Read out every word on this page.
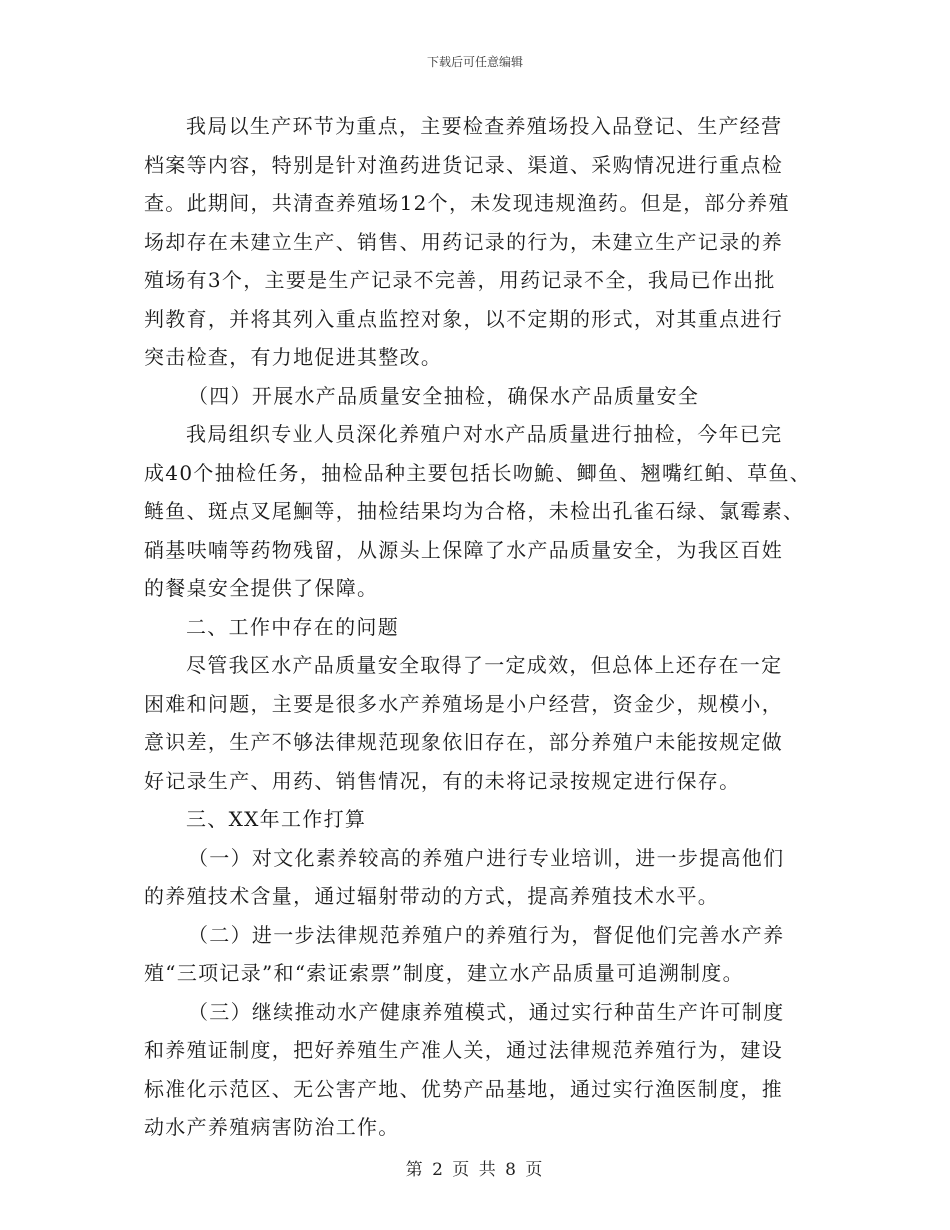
下载后可任意编辑
我局以生产环节为重点，主要检查养殖场投入品登记、生产经营
档案等内容，特别是针对渔药进货记录、渠道、采购情况进行重点检
查。此期间，共清查养殖场12个，未发现违规渔药。但是，部分养殖
场却存在未建立生产、销售、用药记录的行为，未建立生产记录的养
殖场有3个，主要是生产记录不完善，用药记录不全，我局已作出批
判教育，并将其列入重点监控对象，以不定期的形式，对其重点进行
突击检查，有力地促进其整改。
（四）开展水产品质量安全抽检，确保水产品质量安全
我局组织专业人员深化养殖户对水产品质量进行抽检，今年已完
成40个抽检任务，抽检品种主要包括长吻鮠、鲫鱼、翘嘴红鲌、草鱼、
鲢鱼、斑点叉尾鮰等，抽检结果均为合格，未检出孔雀石绿、氯霉素、
硝基呋喃等药物残留，从源头上保障了水产品质量安全，为我区百姓
的餐桌安全提供了保障。
二、工作中存在的问题
尽管我区水产品质量安全取得了一定成效，但总体上还存在一定
困难和问题，主要是很多水产养殖场是小户经营，资金少，规模小，
意识差，生产不够法律规范现象依旧存在，部分养殖户未能按规定做
好记录生产、用药、销售情况，有的未将记录按规定进行保存。
三、XX年工作打算
（一）对文化素养较高的养殖户进行专业培训，进一步提高他们
的养殖技术含量，通过辐射带动的方式，提高养殖技术水平。
（二）进一步法律规范养殖户的养殖行为，督促他们完善水产养
殖“三项记录”和“索证索票”制度，建立水产品质量可追溯制度。
（三）继续推动水产健康养殖模式，通过实行种苗生产许可制度
和养殖证制度，把好养殖生产准人关，通过法律规范养殖行为，建设
标准化示范区、无公害产地、优势产品基地，通过实行渔医制度，推
动水产养殖病害防治工作。
第 2 页 共 8 页
